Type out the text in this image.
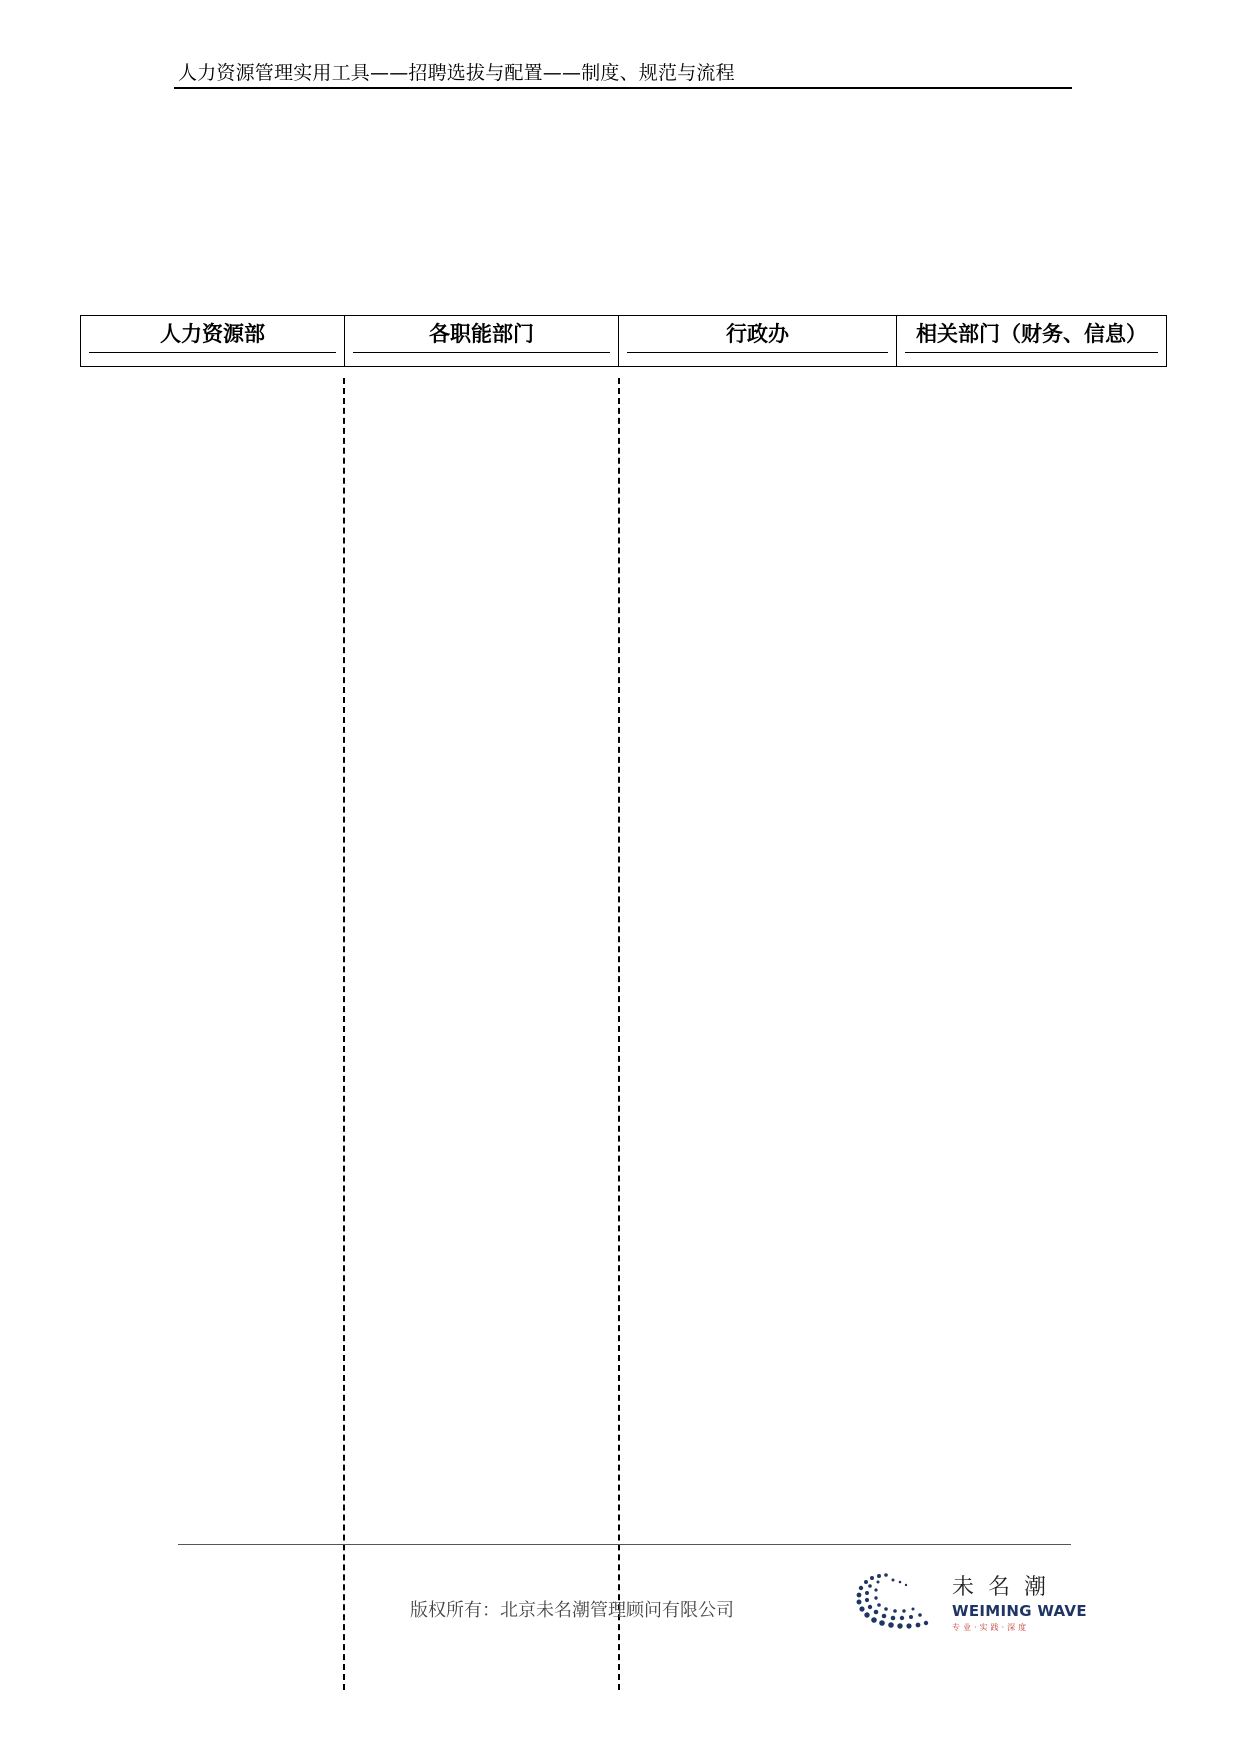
人力资源管理实用工具——招聘选拔与配置——制度、规范与流程
人力资源部	各职能部门	行政办	相关部门（财务、信息）
版权所有：北京未名潮管理顾问有限公司
未名潮
WEIMING WAVE
专业·实践·深度
